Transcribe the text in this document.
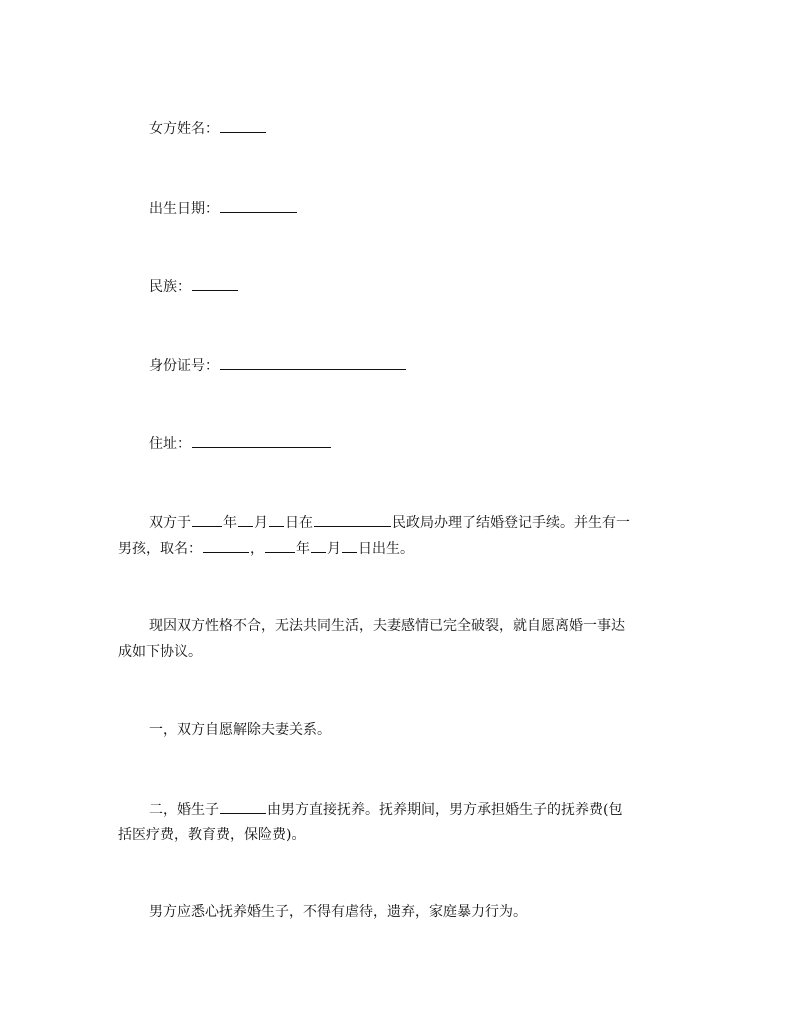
女方姓名：
出生日期：
民族：
身份证号：
住址：
双方于 年 月 日在	民政局办理了结婚登记手续。并生有一
男孩，取名：	， 年 月 日出生。
现因双方性格不合，无法共同生活，夫妻感情已完全破裂，就自愿离婚一事达
成如下协议。
一，双方自愿解除夫妻关系。
二，婚生子	由男方直接抚养。抚养期间，男方承担婚生子的抚养费(包
括医疗费，教育费，保险费)。
男方应悉心抚养婚生子，不得有虐待，遗弃，家庭暴力行为。
